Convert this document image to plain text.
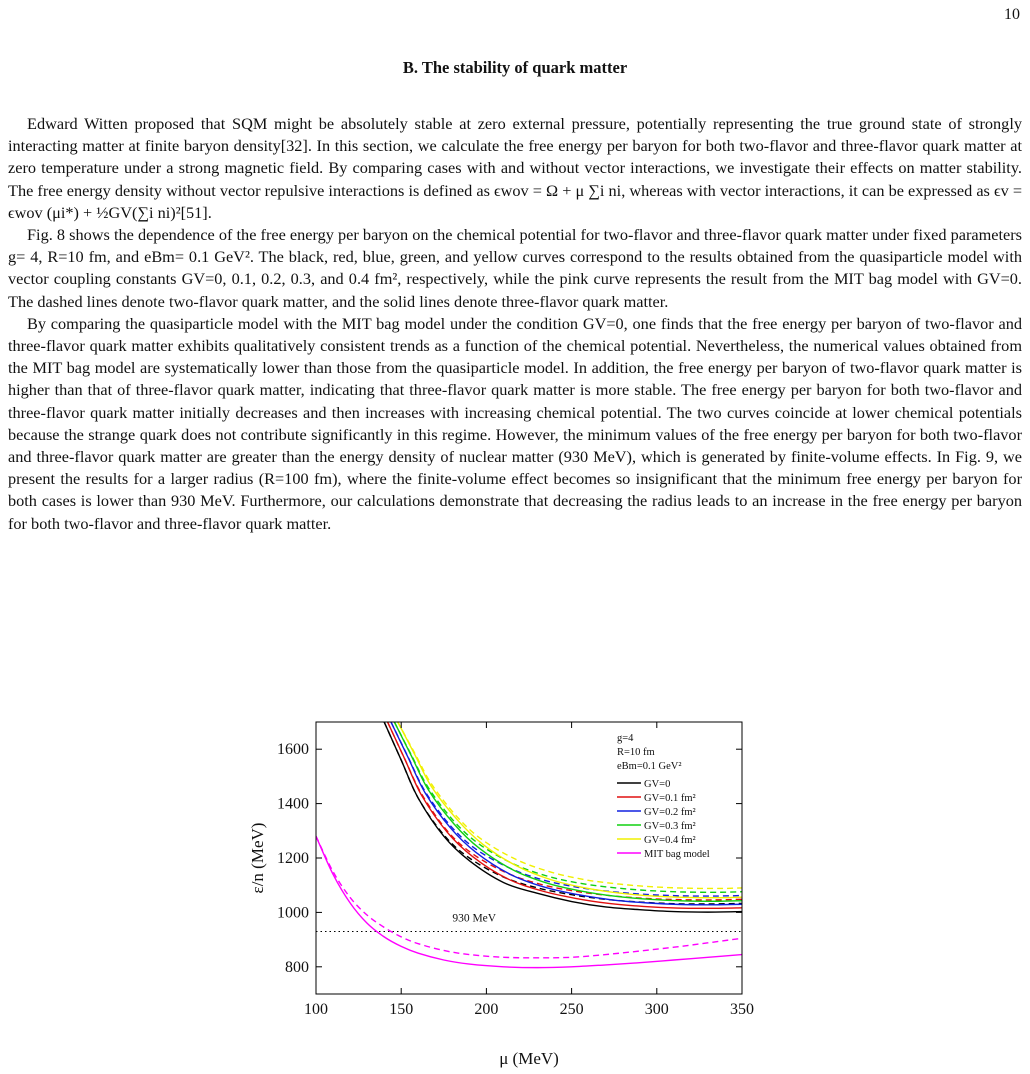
10
B. The stability of quark matter

Edward Witten proposed that SQM might be absolutely stable at zero external pressure, potentially representing the true ground state of strongly interacting matter at finite baryon density[32]. In this section, we calculate the free energy per baryon for both two-flavor and three-flavor quark matter at zero temperature under a strong magnetic field. By comparing cases with and without vector interactions, we investigate their effects on matter stability. The free energy density without vector repulsive interactions is defined as ϵwov = Ω + μ ∑i ni, whereas with vector interactions, it can be expressed as ϵv = ϵwov (μi*) + ½GV(∑i ni)²[51].

Fig. 8 shows the dependence of the free energy per baryon on the chemical potential for two-flavor and three-flavor quark matter under fixed parameters g= 4, R=10 fm, and eBm= 0.1 GeV². The black, red, blue, green, and yellow curves correspond to the results obtained from the quasiparticle model with vector coupling constants GV=0, 0.1, 0.2, 0.3, and 0.4 fm², respectively, while the pink curve represents the result from the MIT bag model with GV=0. The dashed lines denote two-flavor quark matter, and the solid lines denote three-flavor quark matter.

By comparing the quasiparticle model with the MIT bag model under the condition GV=0, one finds that the free energy per baryon of two-flavor and three-flavor quark matter exhibits qualitatively consistent trends as a function of the chemical potential. Nevertheless, the numerical values obtained from the MIT bag model are systematically lower than those from the quasiparticle model. In addition, the free energy per baryon of two-flavor quark matter is higher than that of three-flavor quark matter, indicating that three-flavor quark matter is more stable. The free energy per baryon for both two-flavor and three-flavor quark matter initially decreases and then increases with increasing chemical potential. The two curves coincide at lower chemical potentials because the strange quark does not contribute significantly in this regime. However, the minimum values of the free energy per baryon for both two-flavor and three-flavor quark matter are greater than the energy density of nuclear matter (930 MeV), which is generated by finite-volume effects. In Fig. 9, we present the results for a larger radius (R=100 fm), where the finite-volume effect becomes so insignificant that the minimum free energy per baryon for both cases is lower than 930 MeV. Furthermore, our calculations demonstrate that decreasing the radius leads to an increase in the free energy per baryon for both two-flavor and three-flavor quark matter.

100	150	200	250	300	350
800
1000
1200
1400
1600
930 MeV
μ (MeV)
ε/n (MeV)
g=4
R=10 fm
eBm=0.1 GeV²
GV=0
GV=0.1 fm²
GV=0.2 fm²
GV=0.3 fm²
GV=0.4 fm²
MIT bag model
